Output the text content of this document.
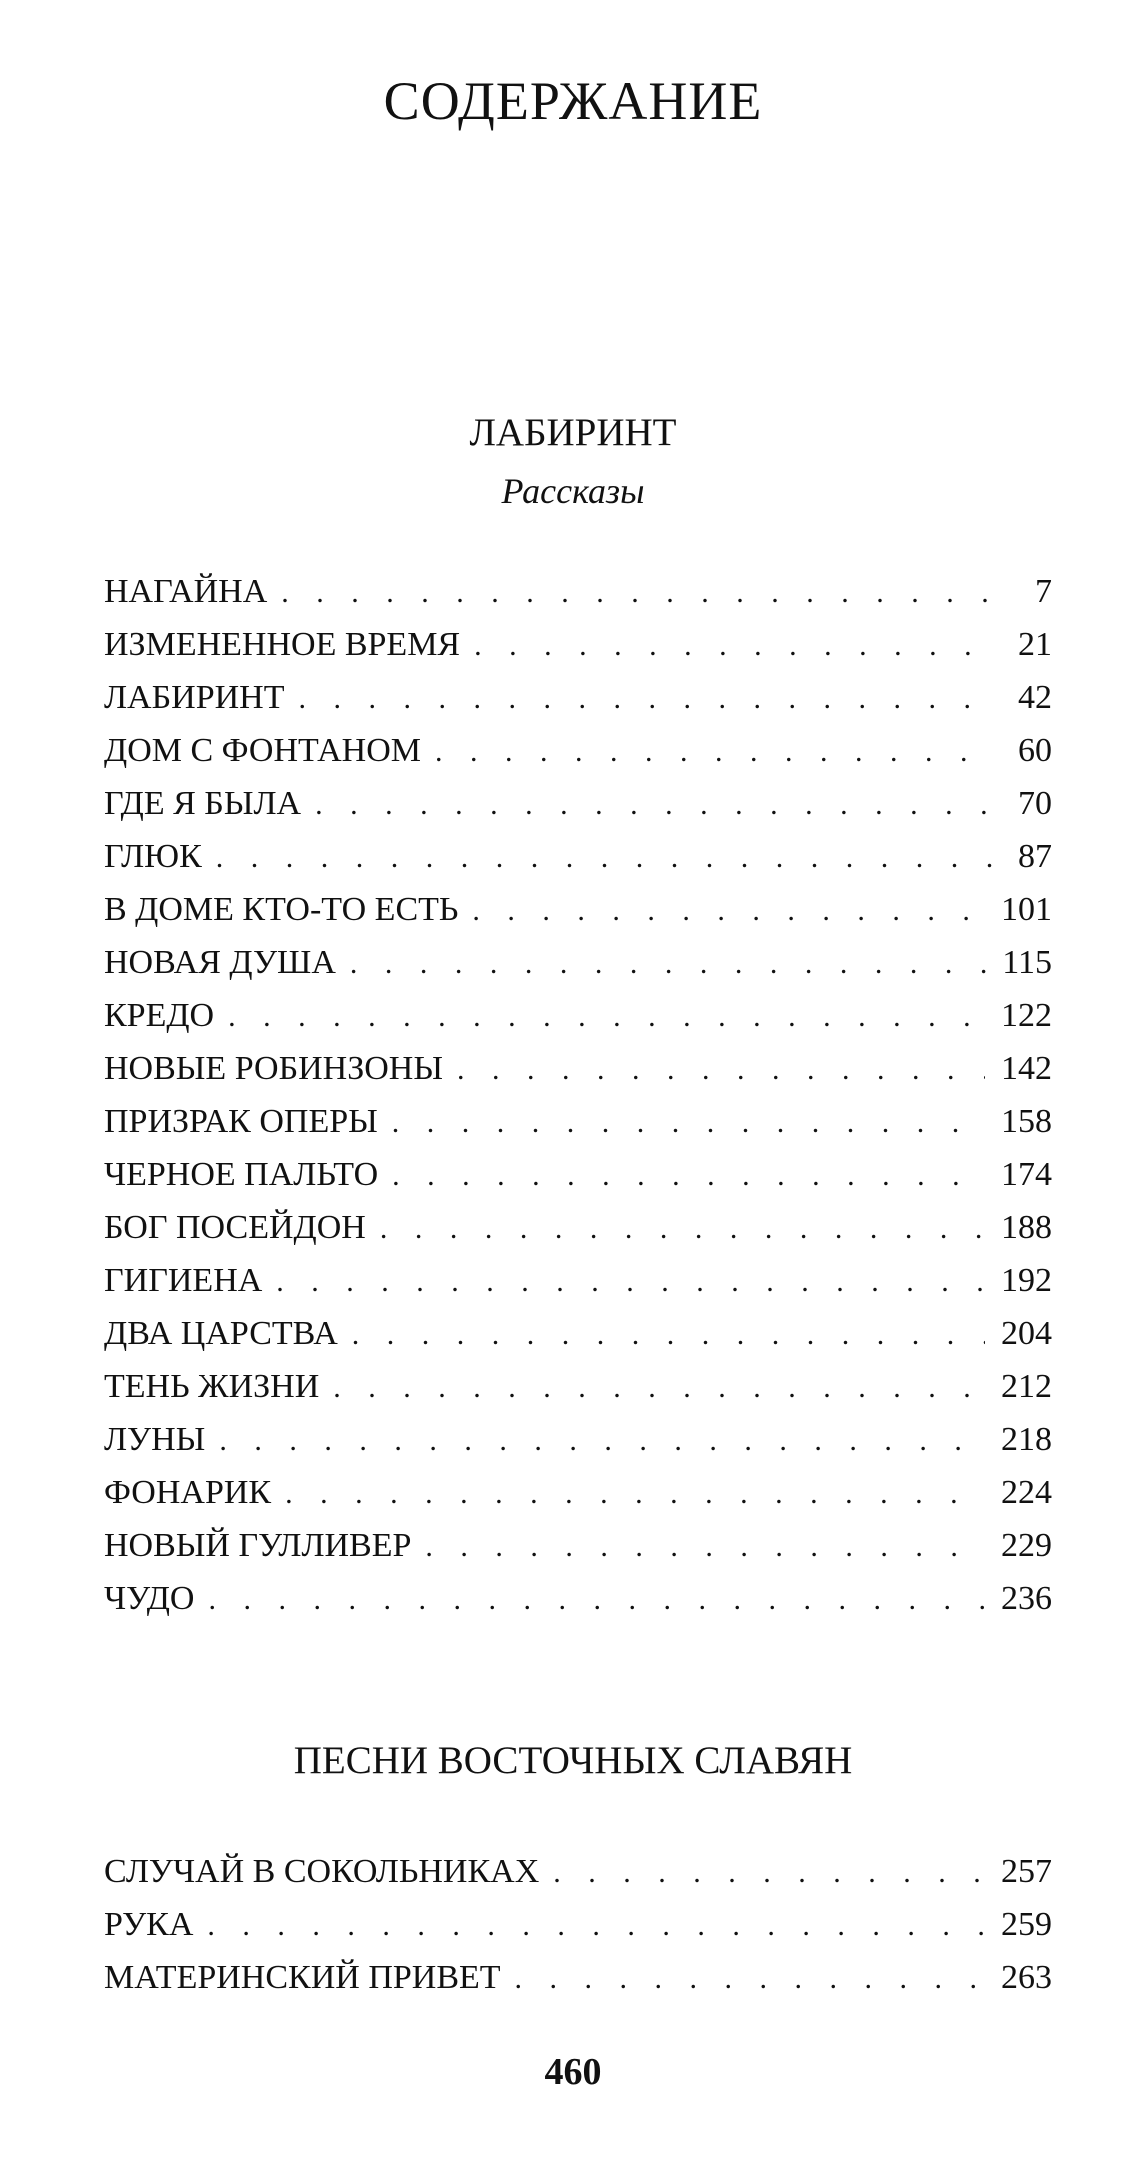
СОДЕРЖАНИЕ
ЛАБИРИНТ
Рассказы
НАГАЙНА . . .	7
ИЗМЕНЕННОЕ ВРЕМЯ . . .	21
ЛАБИРИНТ . . .	42
ДОМ С ФОНТАНОМ . . .	60
ГДЕ Я БЫЛА . . .	70
ГЛЮК . . .	87
В ДОМЕ КТО-ТО ЕСТЬ . . .	101
НОВАЯ ДУША . . .	115
КРЕДО . . .	122
НОВЫЕ РОБИНЗОНЫ . . .	142
ПРИЗРАК ОПЕРЫ . . .	158
ЧЕРНОЕ ПАЛЬТО . . .	174
БОГ ПОСЕЙДОН . . .	188
ГИГИЕНА . . .	192
ДВА ЦАРСТВА . . .	204
ТЕНЬ ЖИЗНИ . . .	212
ЛУНЫ . . .	218
ФОНАРИК . . .	224
НОВЫЙ ГУЛЛИВЕР . . .	229
ЧУДО . . .	236
ПЕСНИ ВОСТОЧНЫХ СЛАВЯН
СЛУЧАЙ В СОКОЛЬНИКАХ . . .	257
РУКА . . .	259
МАТЕРИНСКИЙ ПРИВЕТ . . .	263
460
